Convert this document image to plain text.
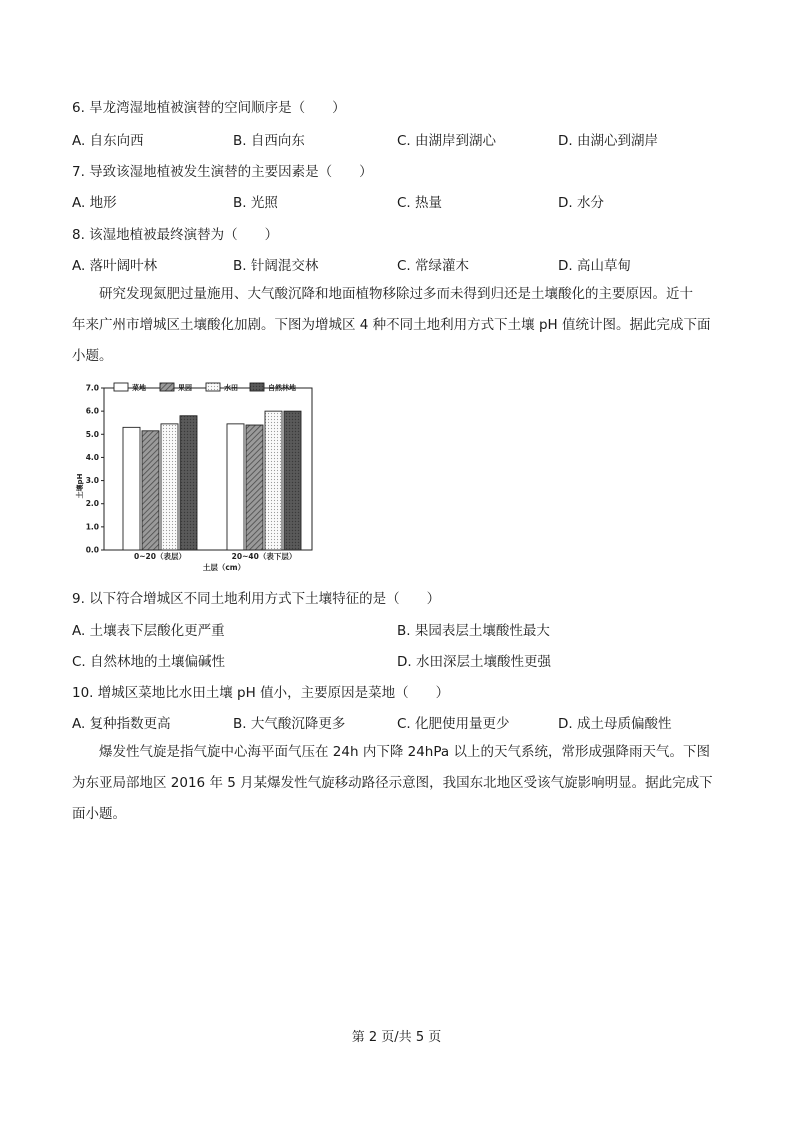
6. 旱龙湾湿地植被演替的空间顺序是（　　）
A. 自东向西	B. 自西向东	C. 由湖岸到湖心	D. 由湖心到湖岸
7. 导致该湿地植被发生演替的主要因素是（　　）
A. 地形	B. 光照	C. 热量	D. 水分
8. 该湿地植被最终演替为（　　）
A. 落叶阔叶林	B. 针阔混交林	C. 常绿灌木	D. 高山草甸
研究发现氮肥过量施用、大气酸沉降和地面植物移除过多而未得到归还是土壤酸化的主要原因。近十
年来广州市增城区土壤酸化加剧。下图为增城区 4 种不同土地利用方式下土壤 pH 值统计图。据此完成下面
小题。
0.0
1.0
2.0
3.0
4.0
5.0
6.0
7.0	菜地	果园	水田	自然林地
土壤pH
0~20（表层）	20~40（表下层）
土层（cm）
9. 以下符合增城区不同土地利用方式下土壤特征的是（　　）
A. 土壤表下层酸化更严重	B. 果园表层土壤酸性最大
C. 自然林地的土壤偏碱性	D. 水田深层土壤酸性更强
10. 增城区菜地比水田土壤 pH 值小，主要原因是菜地（　　）
A. 复种指数更高	B. 大气酸沉降更多	C. 化肥使用量更少	D. 成土母质偏酸性
爆发性气旋是指气旋中心海平面气压在 24h 内下降 24hPa 以上的天气系统，常形成强降雨天气。下图
为东亚局部地区 2016 年 5 月某爆发性气旋移动路径示意图，我国东北地区受该气旋影响明显。据此完成下
面小题。
第 2 页/共 5 页
